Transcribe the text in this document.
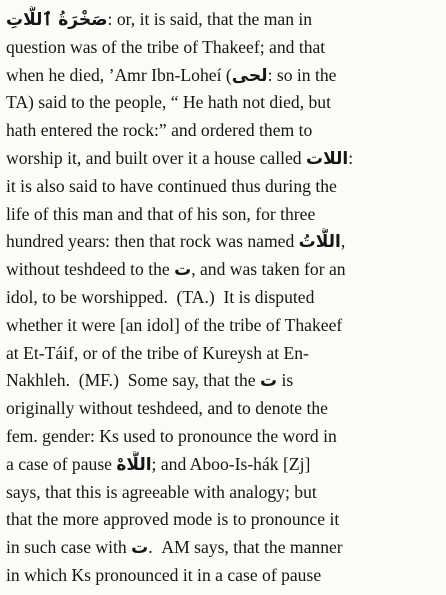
صَخْرَةُ ٱللَّاتِ: or, it is said, that the man in
question was of the tribe of Thakeef; and that
when he died, ’Amr Ibn-Loheí (لحى: so in the
TA) said to the people, “ He hath not died, but
hath entered the rock:” and ordered them to
worship it, and built over it a house called اللات:
it is also said to have continued thus during the
life of this man and that of his son, for three
hundred years: then that rock was named اللَّاتُ,
without teshdeed to the ت, and was taken for an
idol, to be worshipped.  (TA.)  It is disputed
whether it were [an idol] of the tribe of Thakeef
at Et-Táif, or of the tribe of Kureysh at En-
Nakhleh.  (MF.)  Some say, that the ت is
originally without teshdeed, and to denote the
fem. gender: Ks used to pronounce the word in
a case of pause اللَّاهْ; and Aboo-Is-hák [Zj]
says, that this is agreeable with analogy; but
that the more approved mode is to pronounce it
in such case with ت.  AM says, that the manner
in which Ks pronounced it in a case of pause
